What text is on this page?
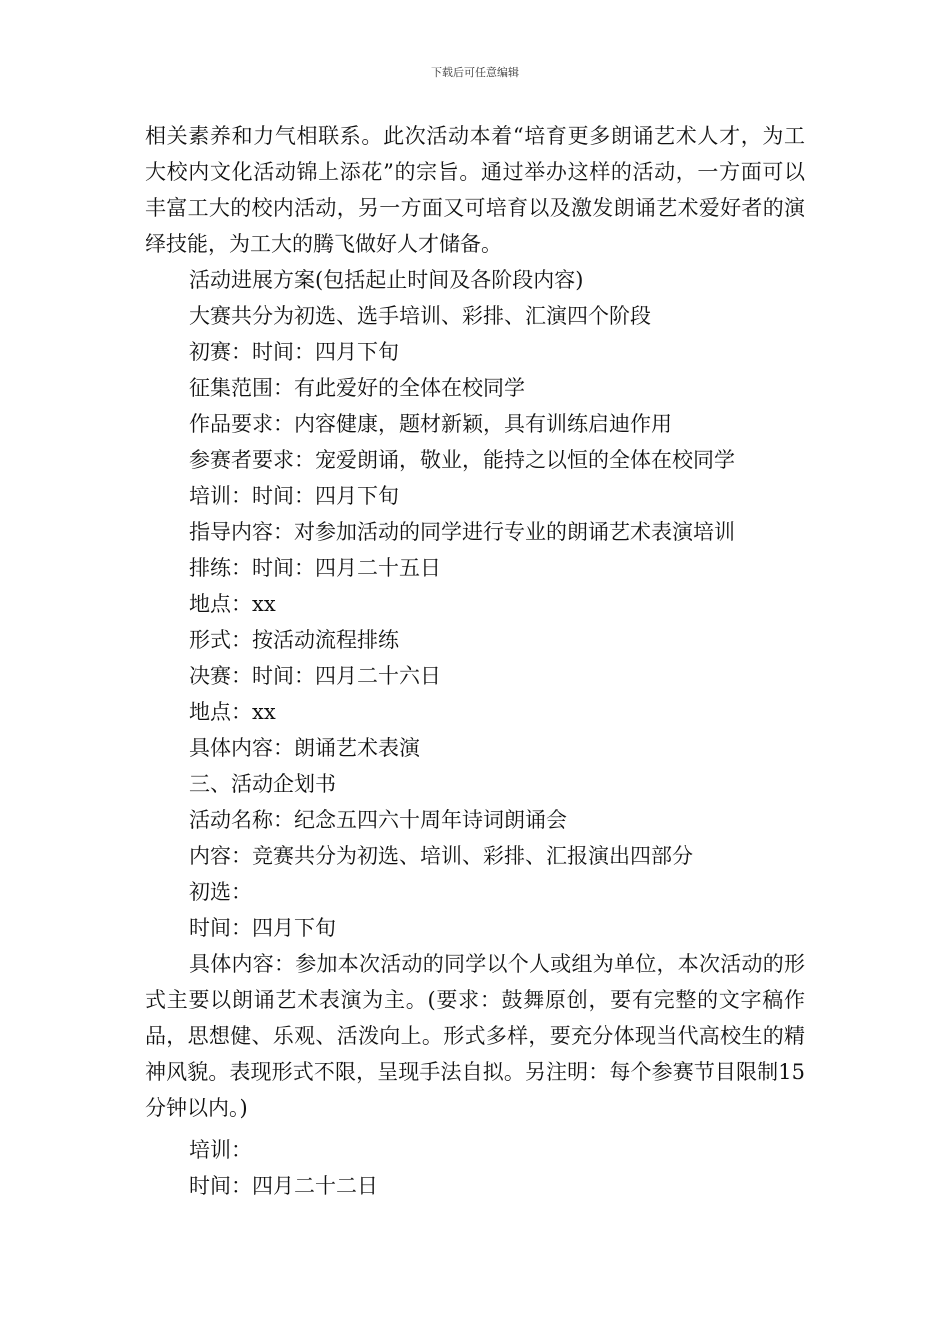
下载后可任意编辑

相关素养和力气相联系。此次活动本着“培育更多朗诵艺术人才，为工大校内文化活动锦上添花”的宗旨。通过举办这样的活动，一方面可以丰富工大的校内活动，另一方面又可培育以及激发朗诵艺术爱好者的演绎技能，为工大的腾飞做好人才储备。

活动进展方案(包括起止时间及各阶段内容)

大赛共分为初选、选手培训、彩排、汇演四个阶段

初赛：时间：四月下旬

征集范围：有此爱好的全体在校同学

作品要求：内容健康，题材新颖，具有训练启迪作用

参赛者要求：宠爱朗诵，敬业，能持之以恒的全体在校同学

培训：时间：四月下旬

指导内容：对参加活动的同学进行专业的朗诵艺术表演培训

排练：时间：四月二十五日

地点：xx

形式：按活动流程排练

决赛：时间：四月二十六日

地点：xx

具体内容：朗诵艺术表演

三、活动企划书

活动名称：纪念五四六十周年诗词朗诵会

内容：竞赛共分为初选、培训、彩排、汇报演出四部分

初选：

时间：四月下旬

具体内容：参加本次活动的同学以个人或组为单位，本次活动的形式主要以朗诵艺术表演为主。(要求：鼓舞原创，要有完整的文字稿作品，思想健、乐观、活泼向上。形式多样，要充分体现当代高校生的精神风貌。表现形式不限，呈现手法自拟。另注明：每个参赛节目限制15分钟以内。)

培训：

时间：四月二十二日
